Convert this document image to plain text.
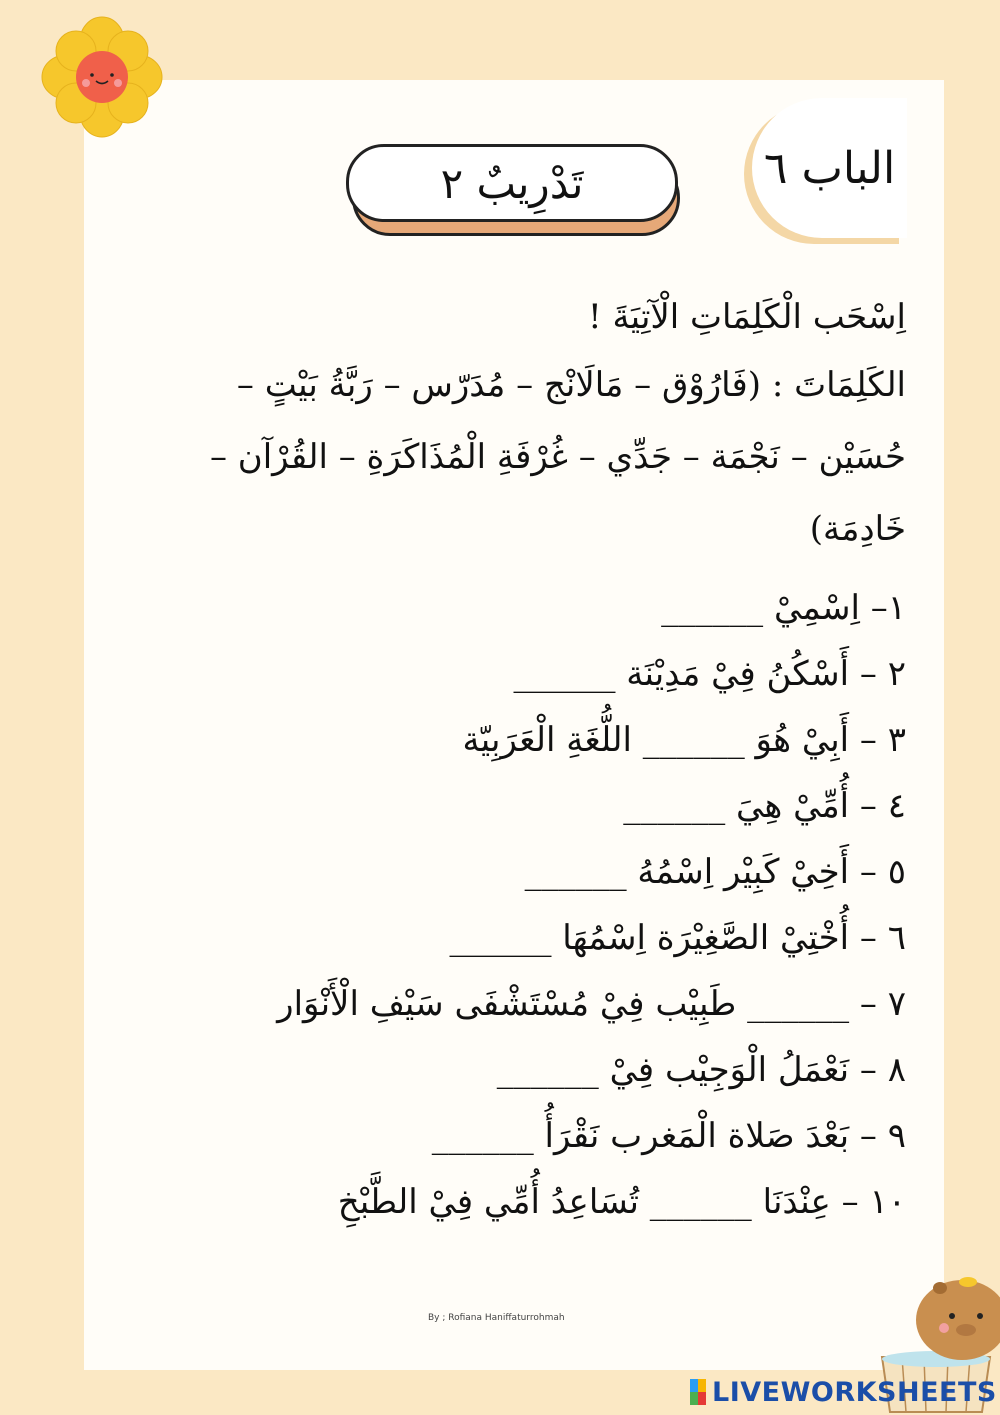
الباب ٦
تَدْرِيبٌ ٢

اِسْحَب الْكَلِمَاتِ الْآتِيَةَ !

الكَلِمَاتَ : (فَارُوْق – مَالَانْج – مُدَرّس – رَبَّةُ بَيْتٍ – حُسَيْن – نَجْمَة – جَدِّي – غُرْفَةِ الْمُذَاكَرَةِ – القُرْآن – خَادِمَة)

١– اِسْمِيْ ______
٢ – أَسْكُنُ فِيْ مَدِيْنَة ______
٣ – أَبِيْ هُوَ ______ اللُّغَةِ الْعَرَبِيّة
٤ – أُمِّيْ هِيَ ______
٥ – أَخِيْ كَبِيْر اِسْمُهُ ______
٦ – أُخْتِيْ الصَّغِيْرَة اِسْمُهَا ______
٧ – ______ طَبِيْب فِيْ مُسْتَشْفَى سَيْفِ الْأَنْوَار
٨ – نَعْمَلُ الْوَجِيْب فِيْ ______
٩ – بَعْدَ صَلاة الْمَغرب نَقْرَأُ ______
١٠ – عِنْدَنَا ______ تُسَاعِدُ أُمِّي فِيْ الطَّبْخِ
By ; Rofiana Haniffaturrohmah
LIVEWORKSHEETS
